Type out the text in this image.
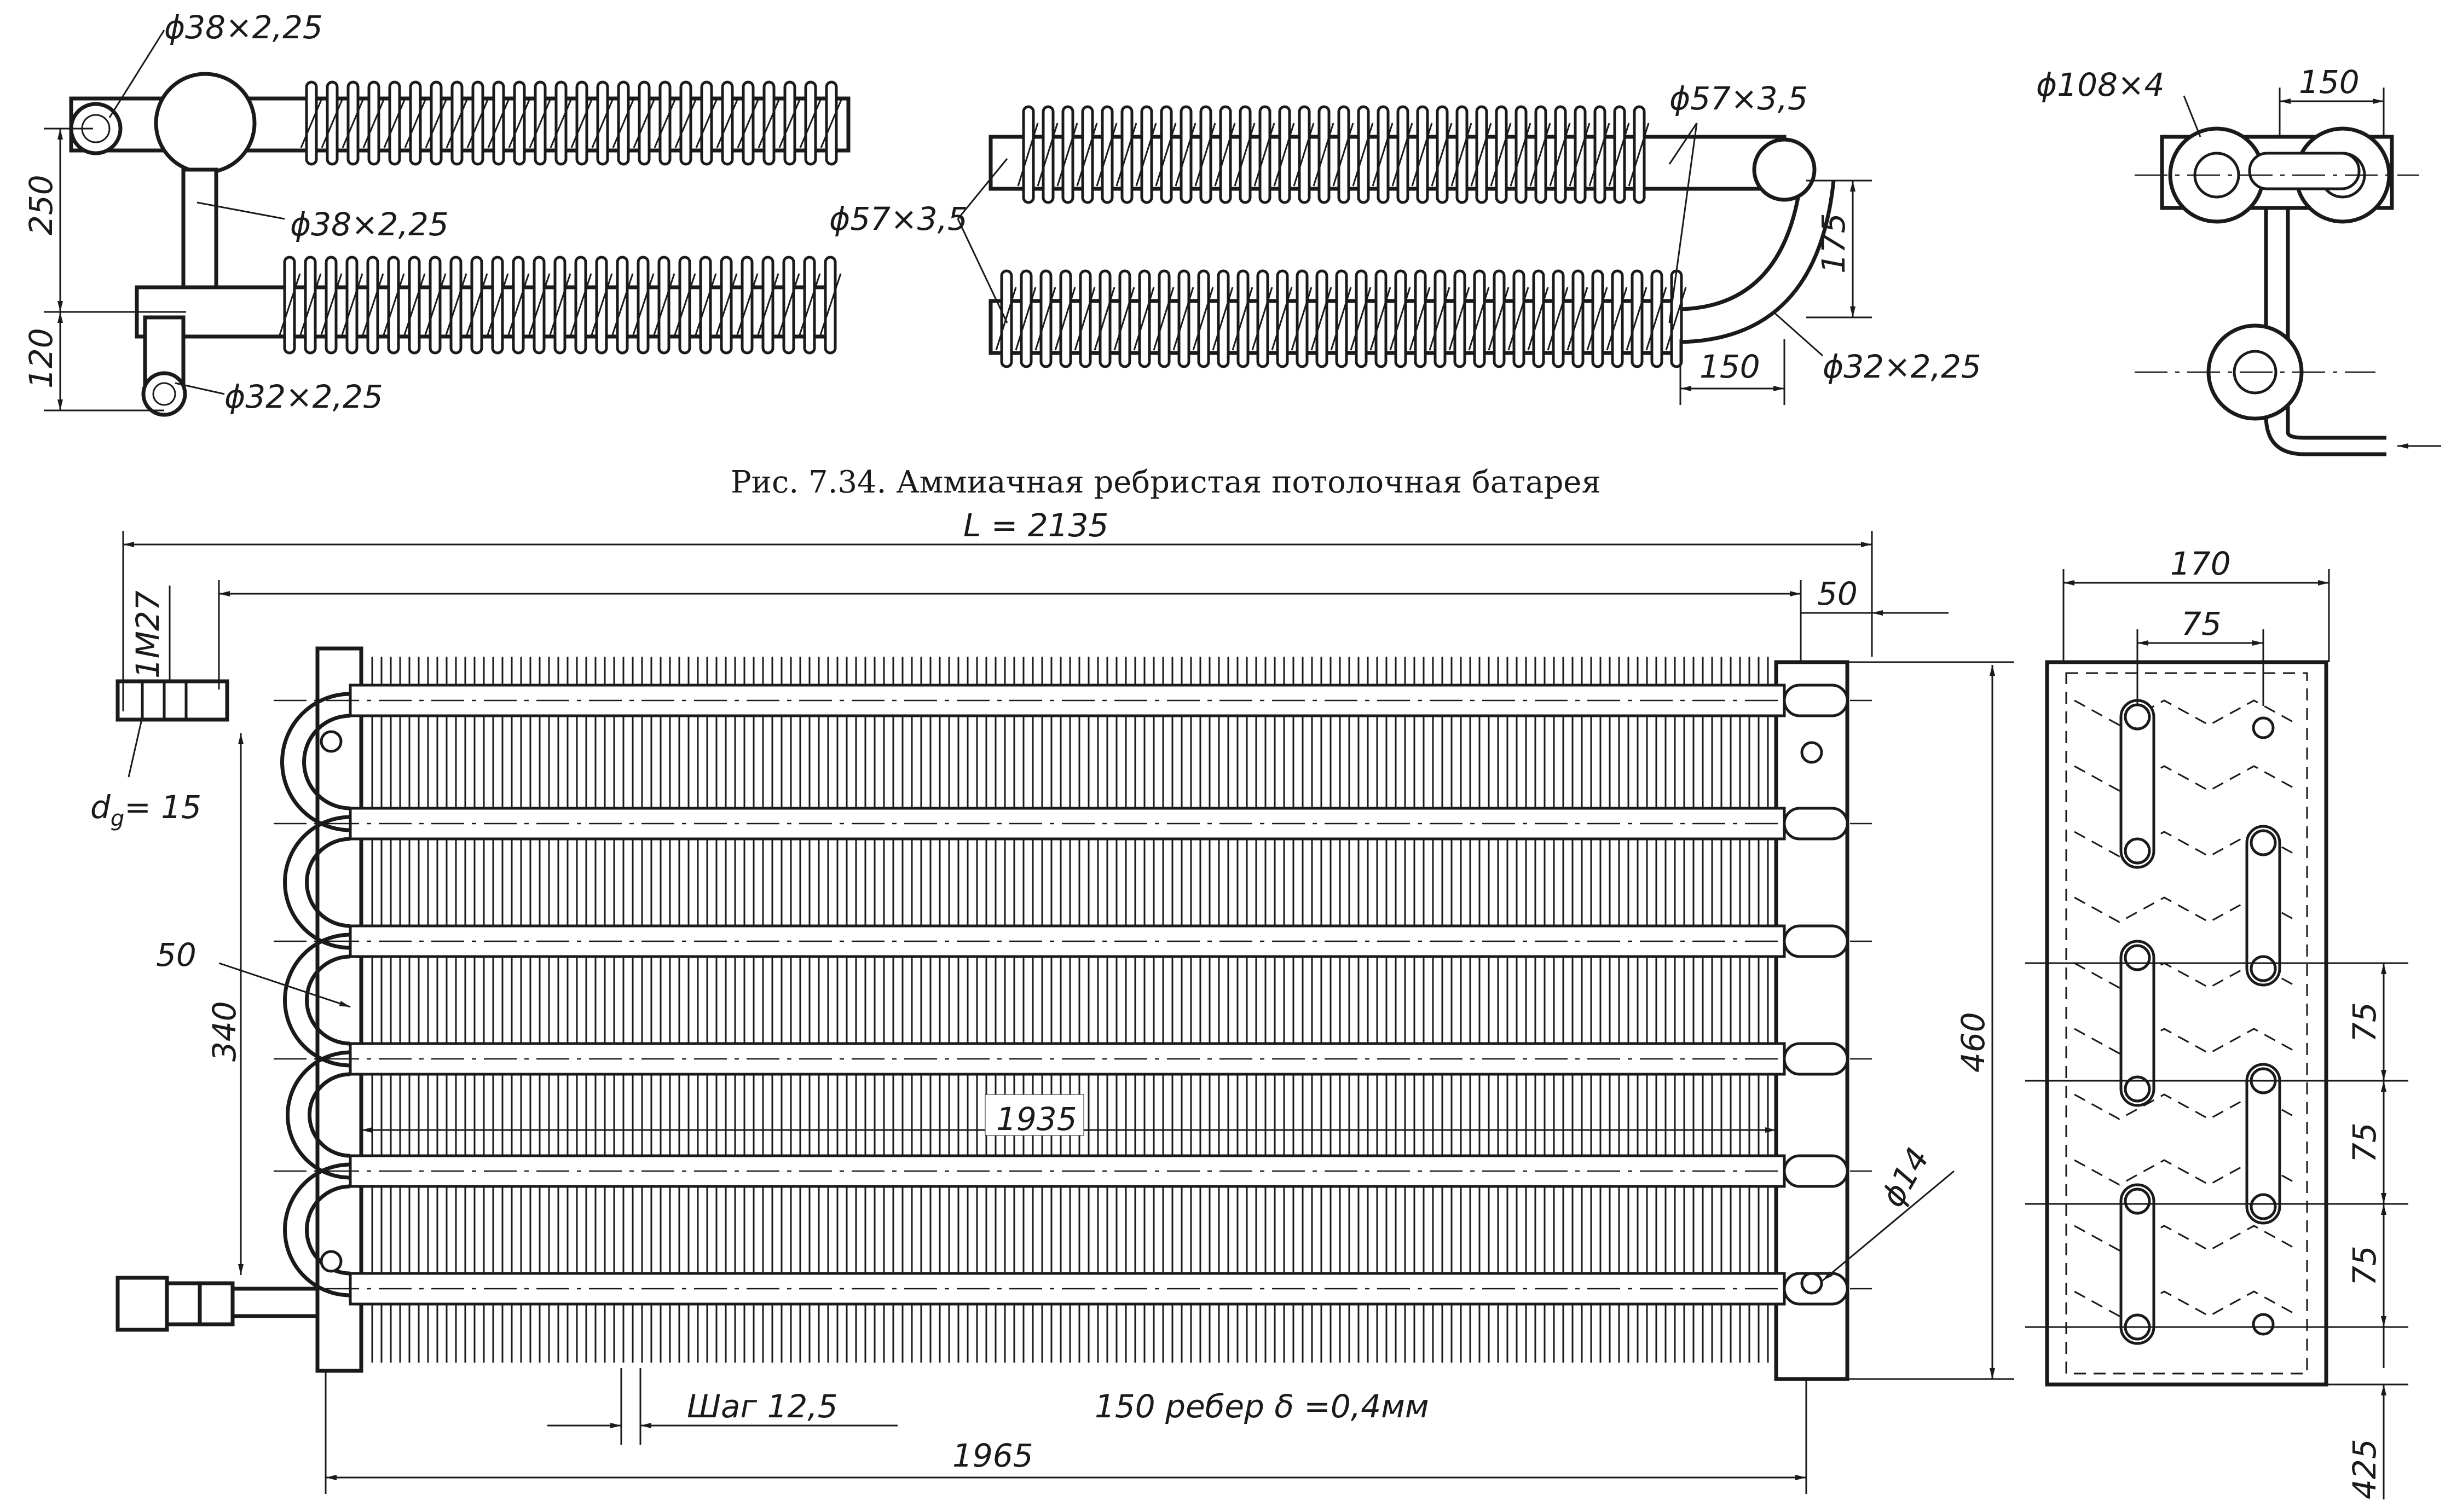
ϕ38×2,25
ϕ38×2,25
ϕ32×2,25
250
120
ϕ57×3,5
ϕ57×3,5
175
150 ϕ32×2,25
ϕ108×4	150
Рис. 7.34. Аммиачная ребристая потолочная батарея
L = 2135
50
1M27
$d_g= 15$
50
340
1935
460
ϕ14
Шаг 12,5	150 ребер δ =0,4мм
1965
170
75
75
75
75
425
